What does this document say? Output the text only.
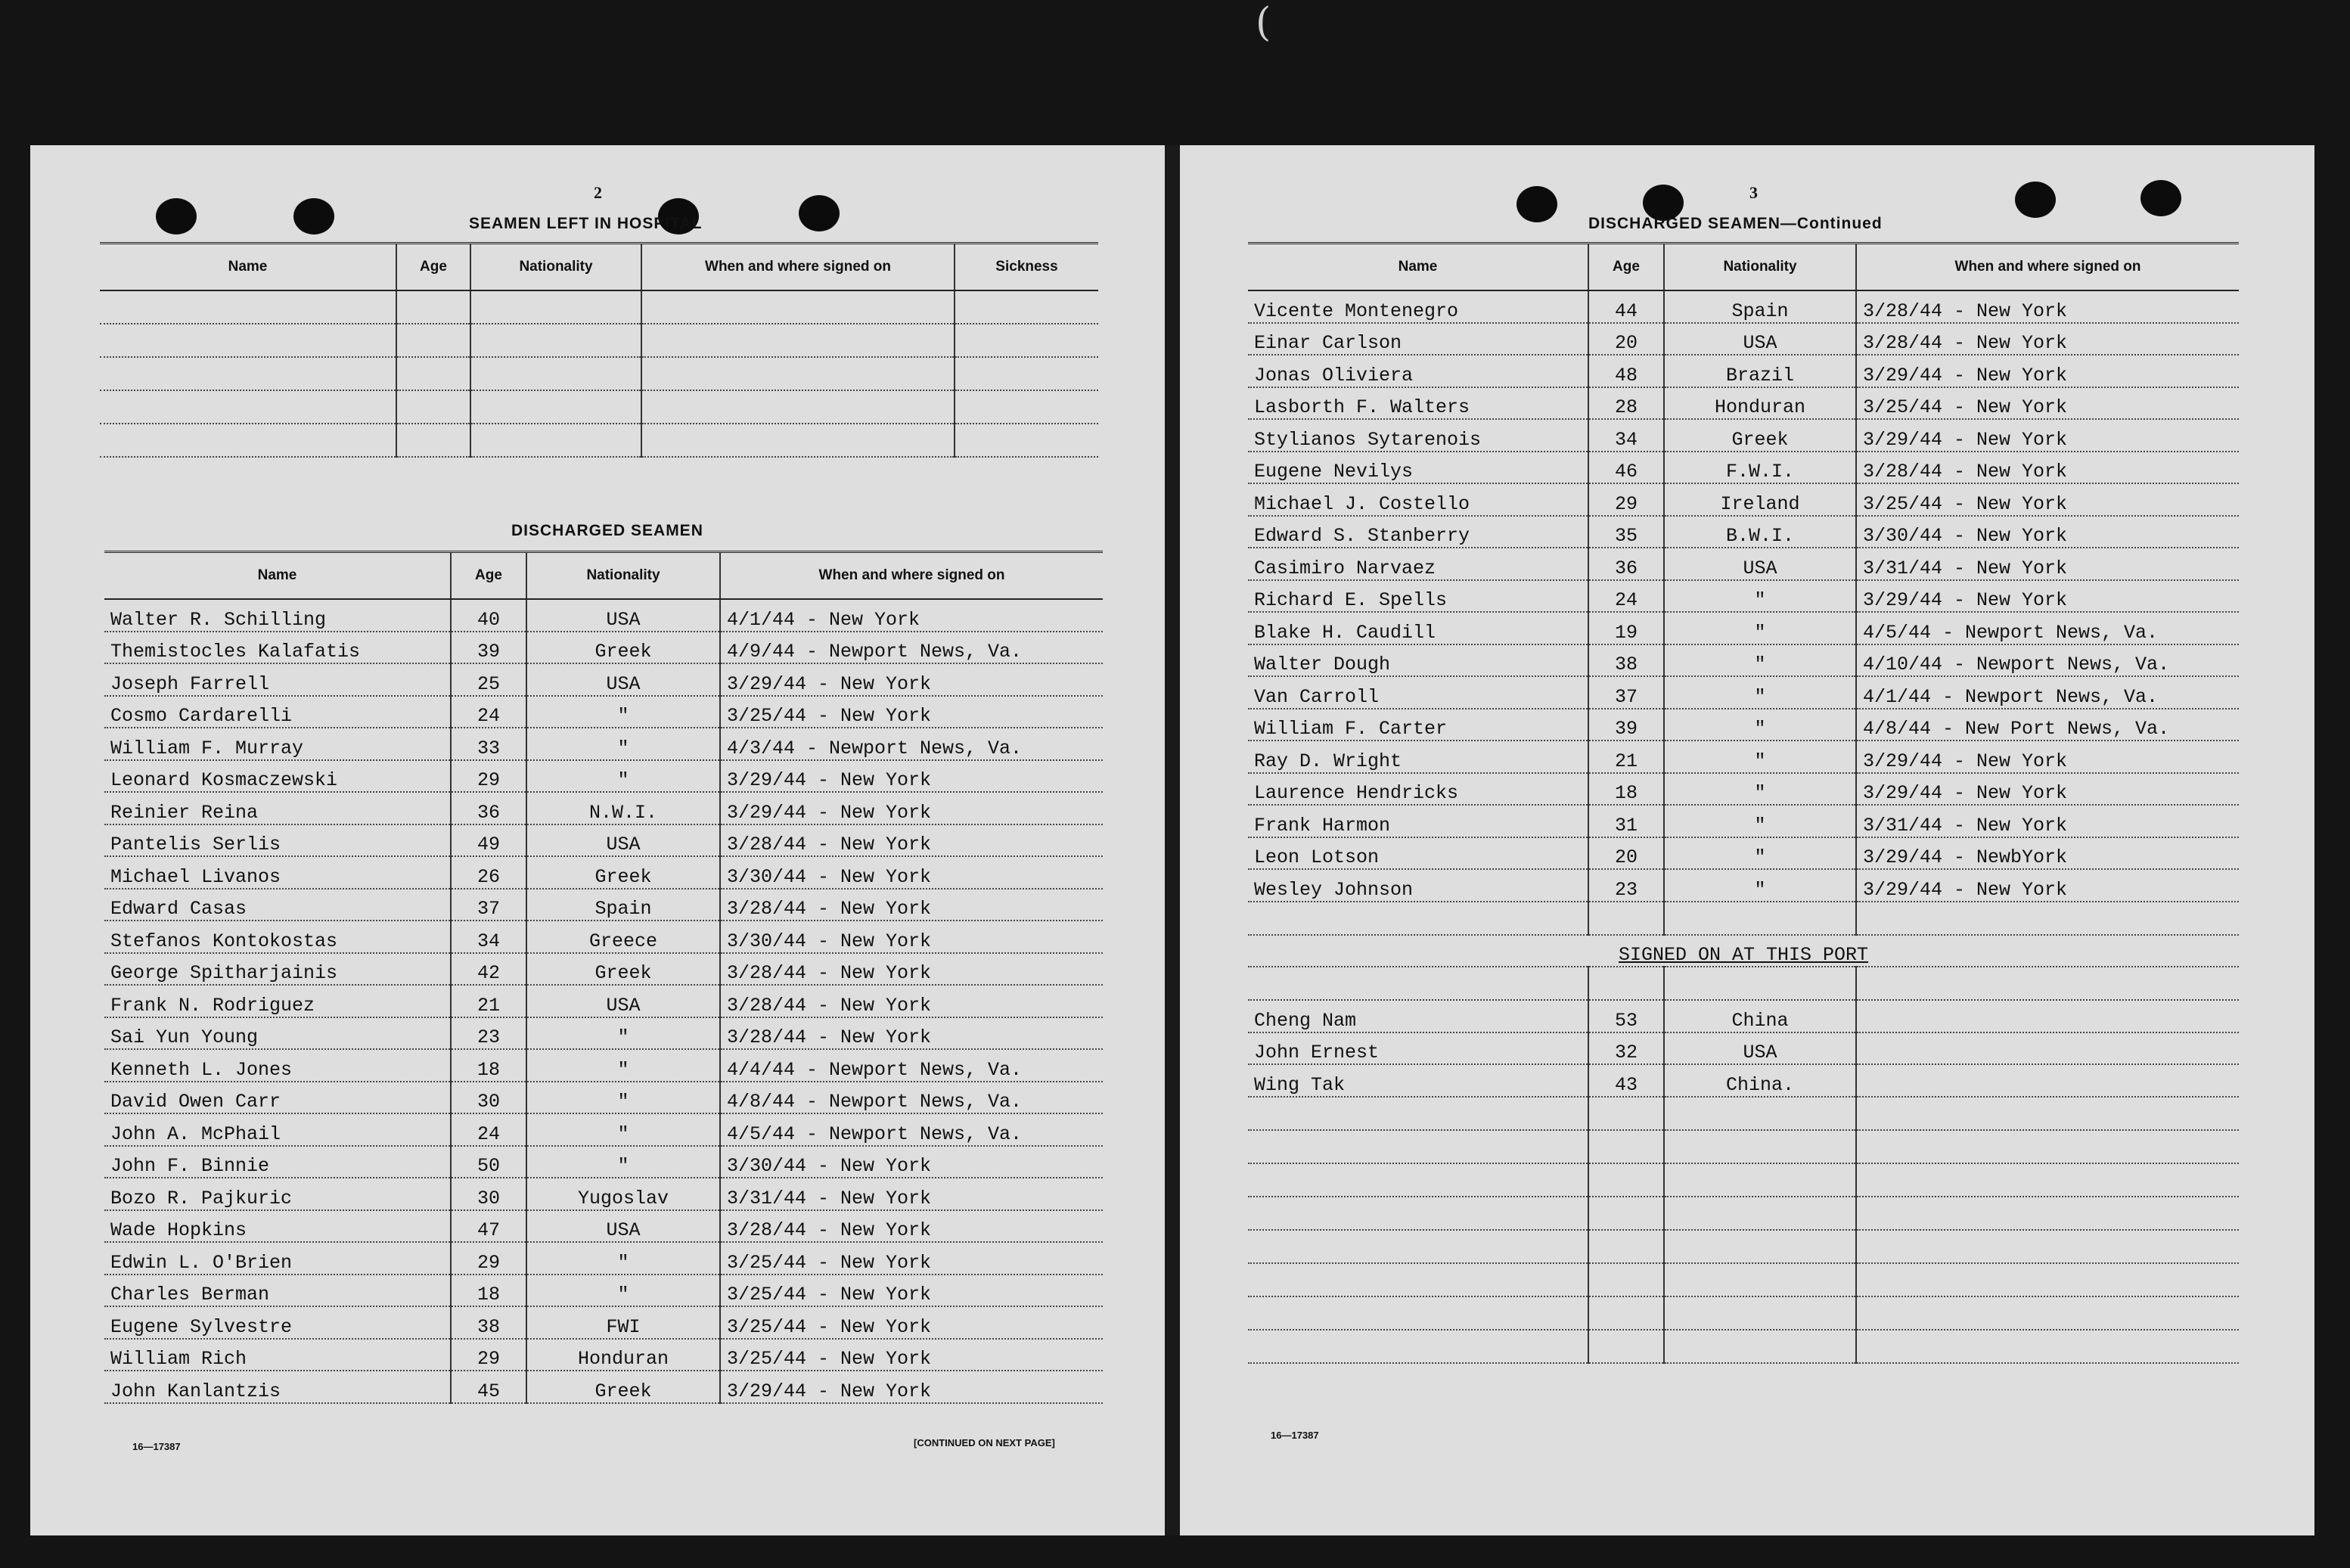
(
2
SEAMEN LEFT IN HOSPITAL
Name	Age	Nationality	When and where signed on	Sickness

DISCHARGED SEAMEN
Name	Age	Nationality	When and where signed on
Walter R. Schilling	40	USA	4/1/44 - New York
Themistocles Kalafatis	39	Greek	4/9/44 - Newport News, Va.
Joseph Farrell	25	USA	3/29/44 - New York
Cosmo Cardarelli	24	"	3/25/44 - New York
William F. Murray	33	"	4/3/44 - Newport News, Va.
Leonard Kosmaczewski	29	"	3/29/44 - New York
Reinier Reina	36	N.W.I.	3/29/44 - New York
Pantelis Serlis	49	USA	3/28/44 - New York
Michael Livanos	26	Greek	3/30/44 - New York
Edward Casas	37	Spain	3/28/44 - New York
Stefanos Kontokostas	34	Greece	3/30/44 - New York
George Spitharjainis	42	Greek	3/28/44 - New York
Frank N. Rodriguez	21	USA	3/28/44 - New York
Sai Yun Young	23	"	3/28/44 - New York
Kenneth L. Jones	18	"	4/4/44 - Newport News, Va.
David Owen Carr	30	"	4/8/44 - Newport News, Va.
John A. McPhail	24	"	4/5/44 - Newport News, Va.
John F. Binnie	50	"	3/30/44 - New York
Bozo R. Pajkuric	30	Yugoslav	3/31/44 - New York
Wade Hopkins	47	USA	3/28/44 - New York
Edwin L. O'Brien	29	"	3/25/44 - New York
Charles Berman	18	"	3/25/44 - New York
Eugene Sylvestre	38	FWI	3/25/44 - New York
William Rich	29	Honduran	3/25/44 - New York
John Kanlantzis	45	Greek	3/29/44 - New York
16—17387	[CONTINUED ON NEXT PAGE]
3
DISCHARGED SEAMEN—Continued
Name	Age	Nationality	When and where signed on
Vicente Montenegro	44	Spain	3/28/44 - New York
Einar Carlson	20	USA	3/28/44 - New York
Jonas Oliviera	48	Brazil	3/29/44 - New York
Lasborth F. Walters	28	Honduran	3/25/44 - New York
Stylianos Sytarenois	34	Greek	3/29/44 - New York
Eugene Nevilys	46	F.W.I.	3/28/44 - New York
Michael J. Costello	29	Ireland	3/25/44 - New York
Edward S. Stanberry	35	B.W.I.	3/30/44 - New York
Casimiro Narvaez	36	USA	3/31/44 - New York
Richard E. Spells	24	"	3/29/44 - New York
Blake H. Caudill	19	"	4/5/44 - Newport News, Va.
Walter Dough	38	"	4/10/44 - Newport News, Va.
Van Carroll	37	"	4/1/44 - Newport News, Va.
William F. Carter	39	"	4/8/44 - New Port News, Va.
Ray D. Wright	21	"	3/29/44 - New York
Laurence Hendricks	18	"	3/29/44 - New York
Frank Harmon	31	"	3/31/44 - New York
Leon Lotson	20	"	3/29/44 - NewbYork
Wesley Johnson	23	"	3/29/44 - New York

SIGNED ON AT THIS PORT			

Cheng Nam	53	China	
John Ernest	32	USA	
Wing Tak	43	China.	

16—17387
